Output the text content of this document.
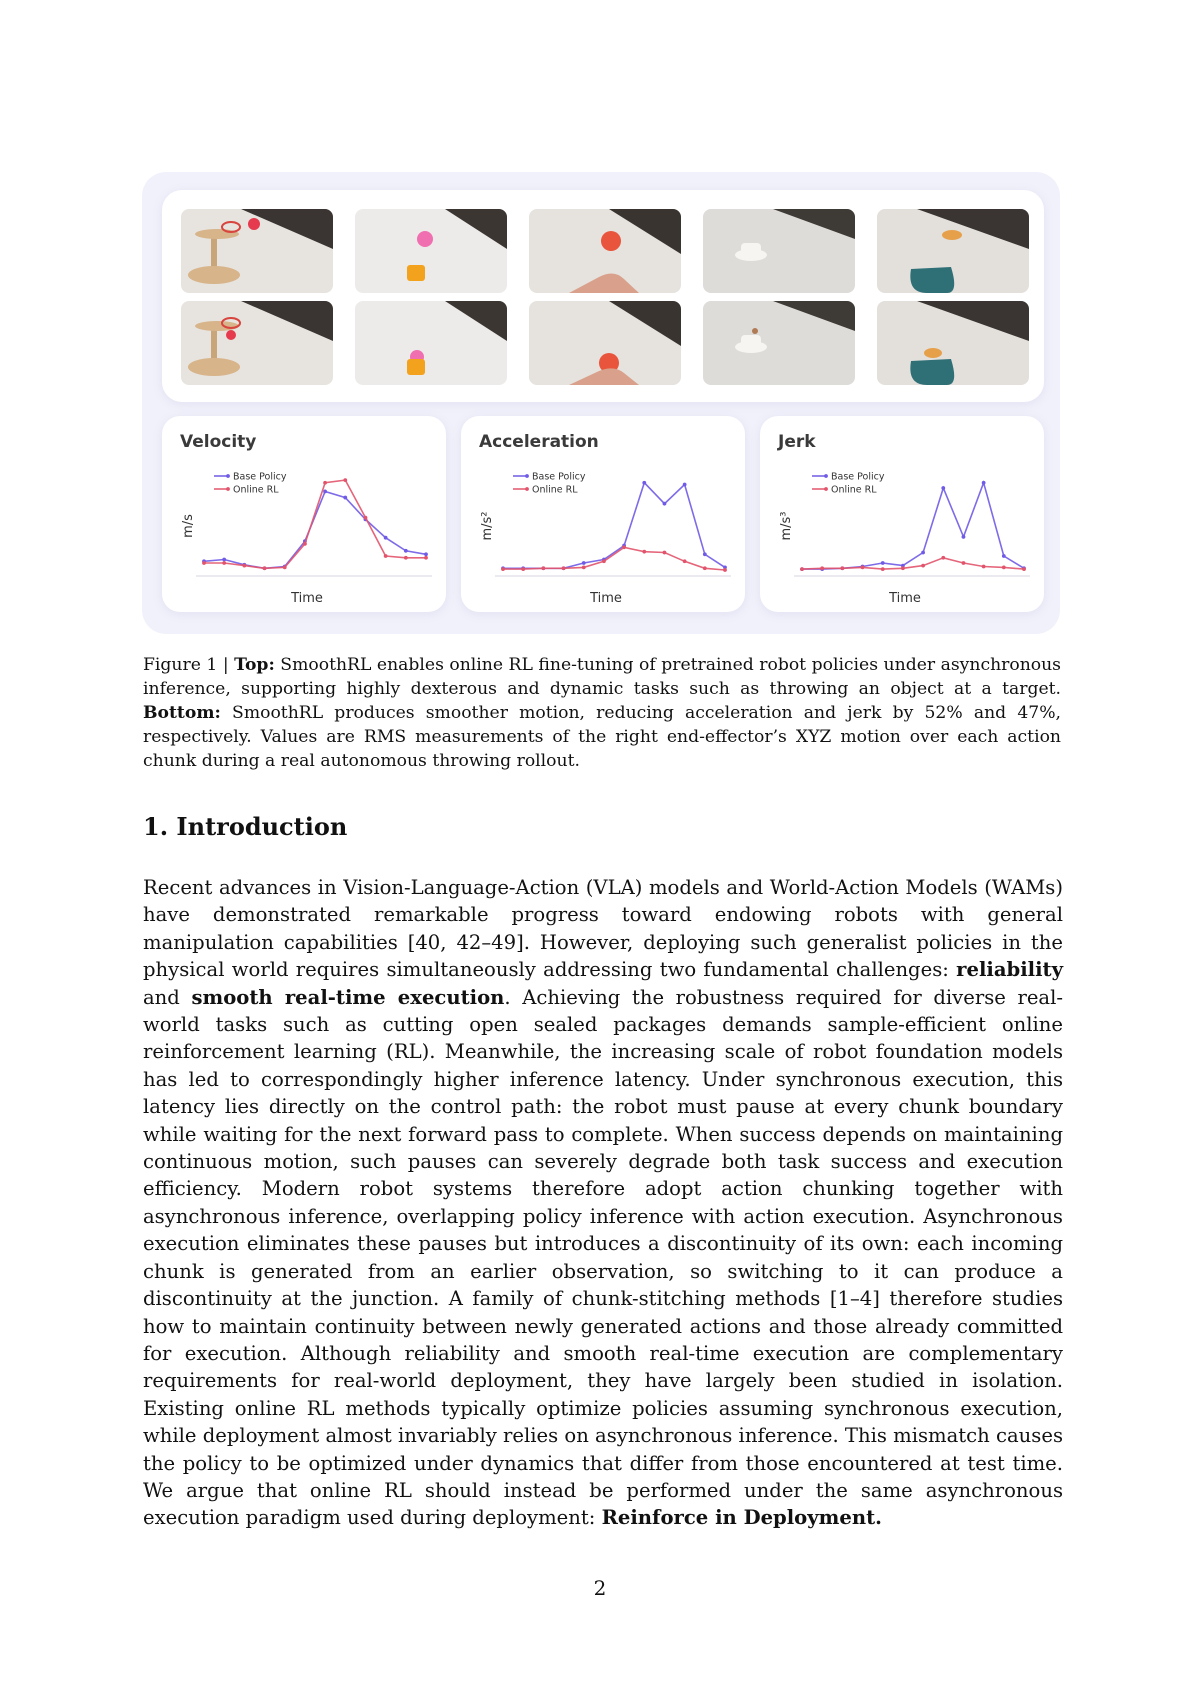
Velocity
Base Policy
Online RL
Time
m/s
Acceleration
Base Policy
Online RL
Time
m/s²
Jerk
Base Policy
Online RL
Time
m/s³
Figure 1 | Top: SmoothRL enables online RL fine-tuning of pretrained robot policies under asynchronous inference, supporting highly dexterous and dynamic tasks such as throwing an object at a target. Bottom: SmoothRL produces smoother motion, reducing acceleration and jerk by 52% and 47%, respectively. Values are RMS measurements of the right end-effector’s XYZ motion over each action chunk during a real autonomous throwing rollout.
1. Introduction

Recent advances in Vision-Language-Action (VLA) models and World-Action Models (WAMs) have demonstrated remarkable progress toward endowing robots with general manipulation capabilities [40, 42–49]. However, deploying such generalist policies in the physical world requires simultaneously addressing two fundamental challenges: reliability and smooth real-time execution. Achieving the robustness required for diverse real-world tasks such as cutting open sealed packages demands sample-efficient online reinforcement learning (RL). Meanwhile, the increasing scale of robot foundation models has led to correspondingly higher inference latency. Under synchronous execution, this latency lies directly on the control path: the robot must pause at every chunk boundary while waiting for the next forward pass to complete. When success depends on maintaining continuous motion, such pauses can severely degrade both task success and execution efficiency. Modern robot systems therefore adopt action chunking together with asynchronous inference, overlapping policy inference with action execution. Asynchronous execution eliminates these pauses but introduces a discontinuity of its own: each incoming chunk is generated from an earlier observation, so switching to it can produce a discontinuity at the junction. A family of chunk-stitching methods [1–4] therefore studies how to maintain continuity between newly generated actions and those already committed for execution. Although reliability and smooth real-time execution are complementary requirements for real-world deployment, they have largely been studied in isolation. Existing online RL methods typically optimize policies assuming synchronous execution, while deployment almost invariably relies on asynchronous inference. This mismatch causes the policy to be optimized under dynamics that differ from those encountered at test time. We argue that online RL should instead be performed under the same asynchronous execution paradigm used during deployment: Reinforce in Deployment.

2
